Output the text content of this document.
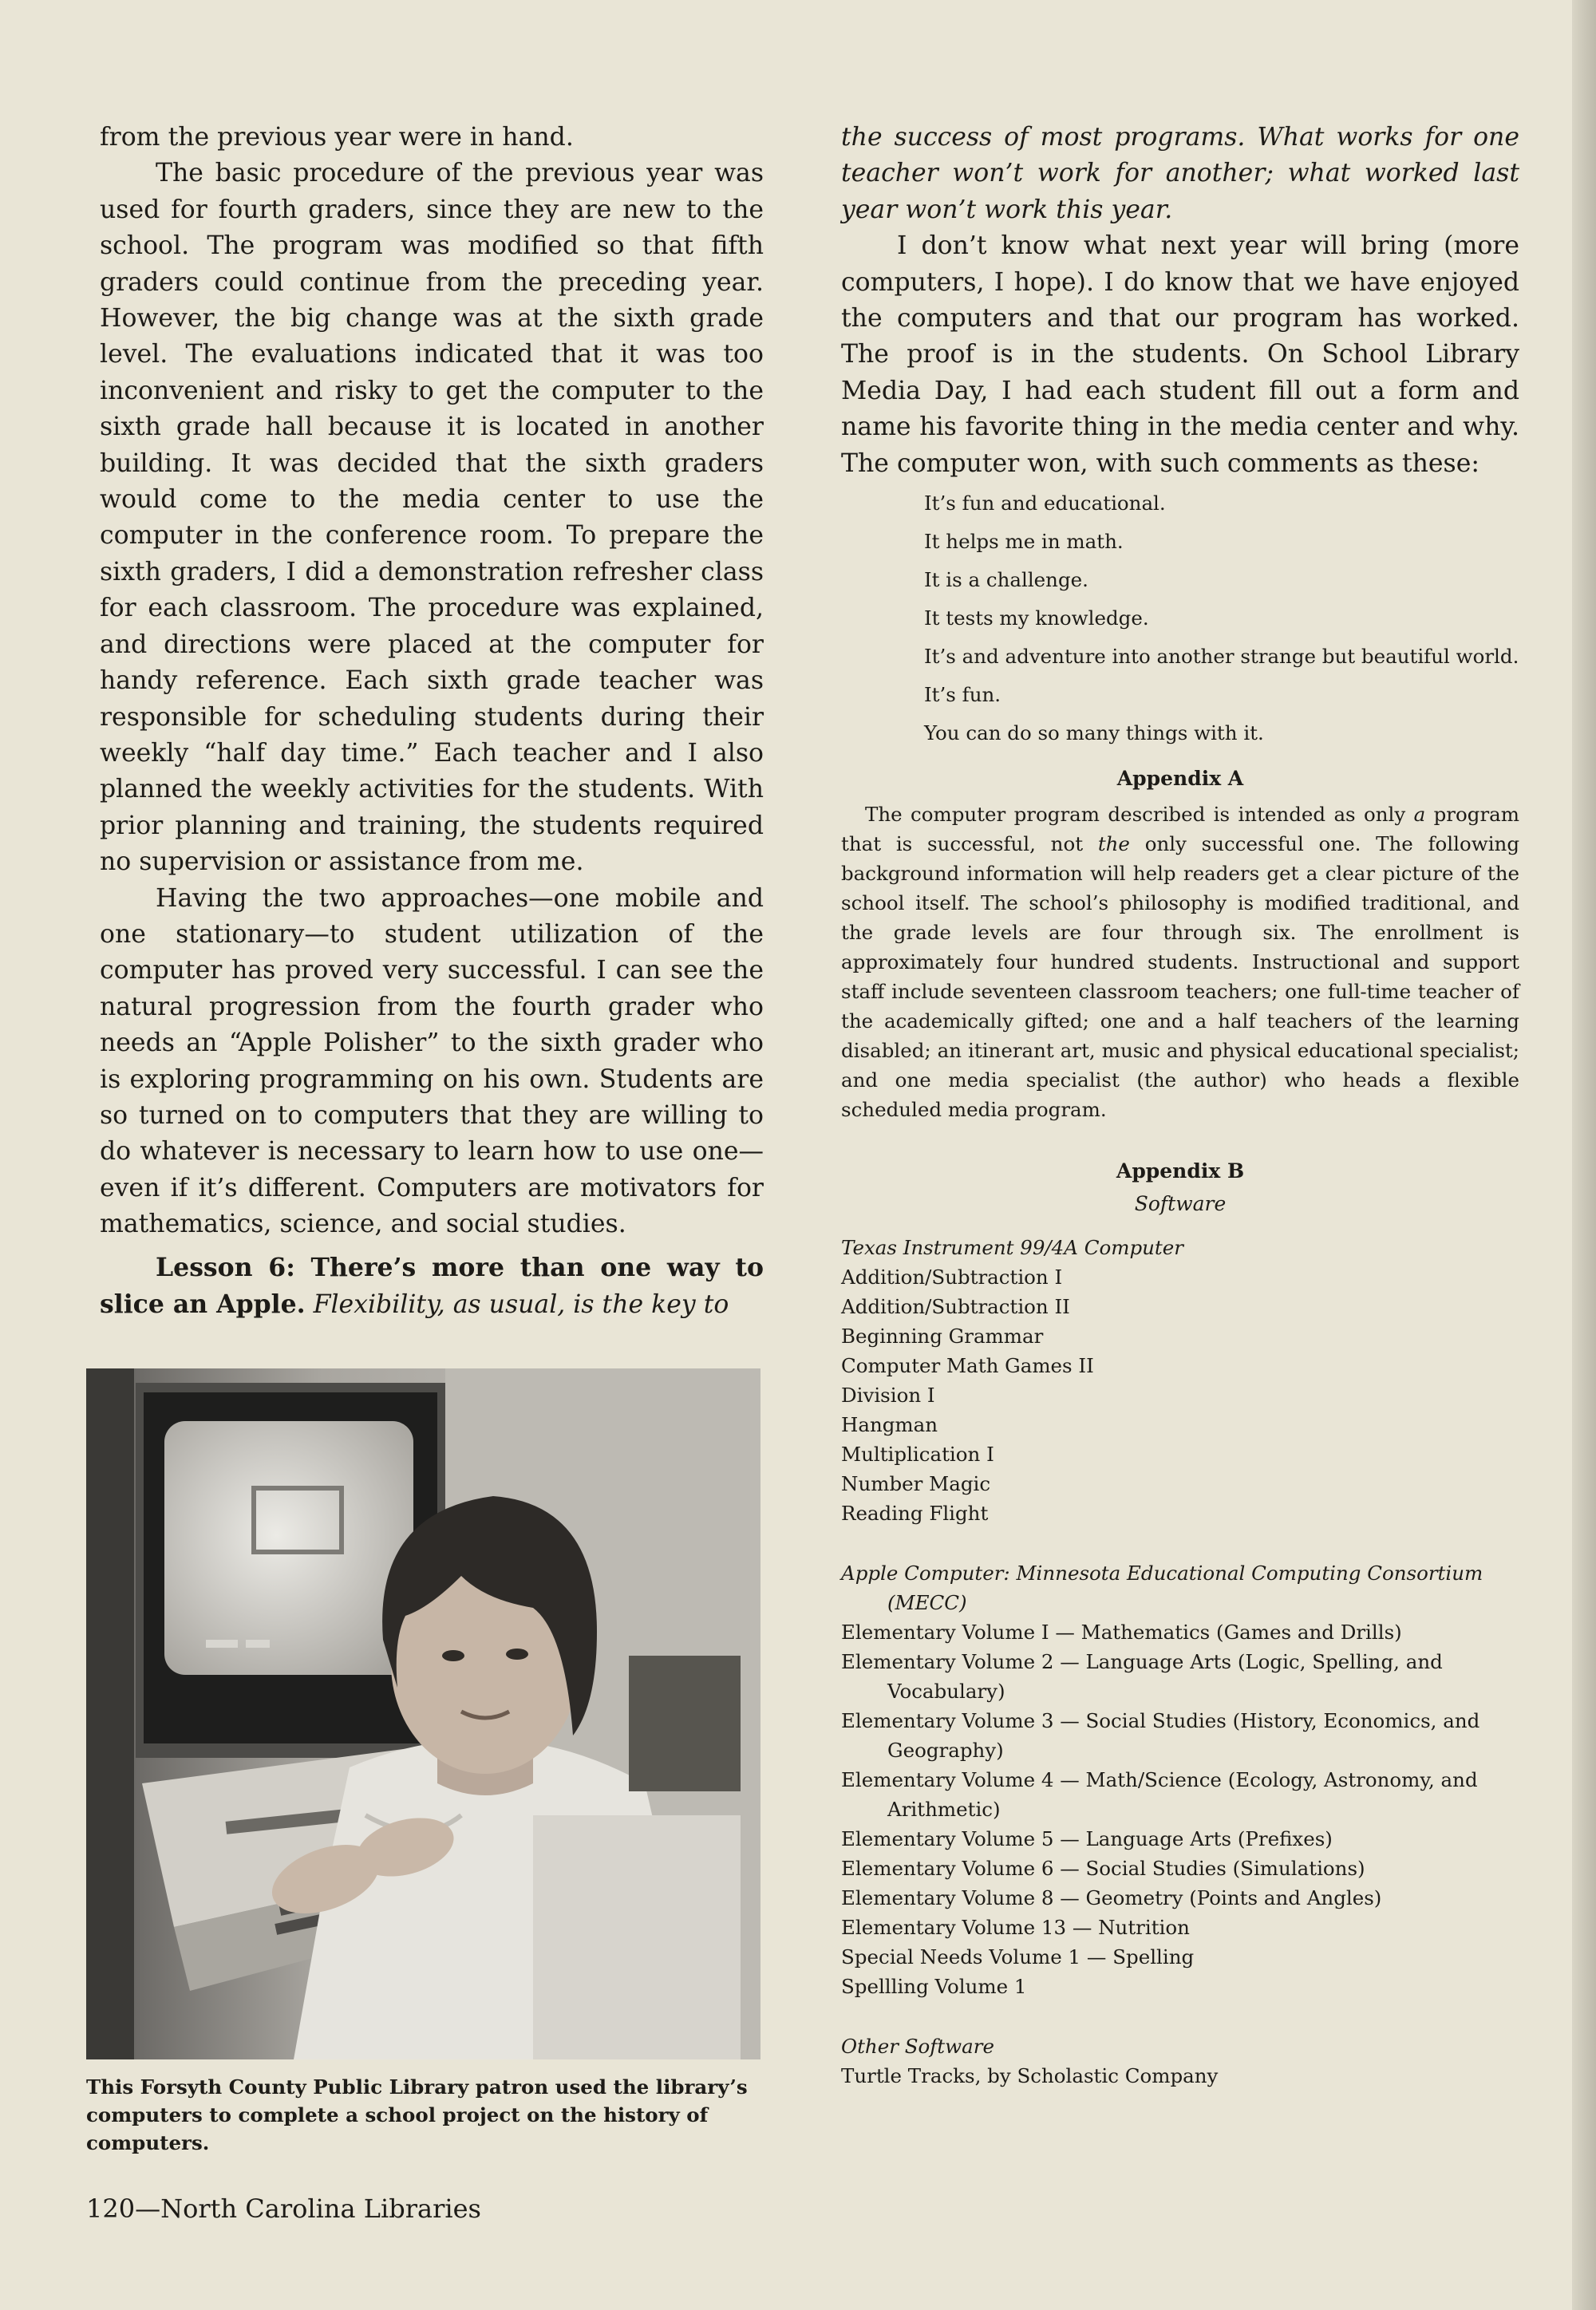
from the previous year were in hand.

The basic procedure of the previous year was used for fourth graders, since they are new to the school. The program was modified so that fifth graders could continue from the preceding year. However, the big change was at the sixth grade level. The evaluations indicated that it was too inconvenient and risky to get the computer to the sixth grade hall because it is located in another building. It was decided that the sixth graders would come to the media center to use the computer in the conference room. To prepare the sixth graders, I did a demonstration refresher class for each classroom. The procedure was explained, and directions were placed at the computer for handy reference. Each sixth grade teacher was responsible for scheduling students during their weekly “half day time.” Each teacher and I also planned the weekly activities for the students. With prior planning and training, the students required no supervision or assistance from me.

Having the two approaches—one mobile and one stationary—to student utilization of the computer has proved very successful. I can see the natural progression from the fourth grader who needs an “Apple Polisher” to the sixth grader who is exploring programming on his own. Students are so turned on to computers that they are willing to do whatever is necessary to learn how to use one—even if it’s different. Computers are motivators for mathematics, science, and social studies.

Lesson 6: There’s more than one way to slice an Apple. Flexibility, as usual, is the key to

This Forsyth County Public Library patron used the library’s computers to complete a school project on the history of computers.

the success of most programs. What works for one teacher won’t work for another; what worked last year won’t work this year.

I don’t know what next year will bring (more computers, I hope). I do know that we have enjoyed the computers and that our program has worked. The proof is in the students. On School Library Media Day, I had each student fill out a form and name his favorite thing in the media center and why. The computer won, with such comments as these:

It’s fun and educational.
It helps me in math.
It is a challenge.
It tests my knowledge.
It’s and adventure into another strange but beautiful world.
It’s fun.
You can do so many things with it.
Appendix A
The computer program described is intended as only a program that is successful, not the only successful one. The following background information will help readers get a clear picture of the school itself. The school’s philosophy is modified traditional, and the grade levels are four through six. The enrollment is approximately four hundred students. Instructional and support staff include seventeen classroom teachers; one full-time teacher of the academically gifted; one and a half teachers of the learning disabled; an itinerant art, music and physical educational specialist; and one media specialist (the author) who heads a flexible scheduled media program.
Appendix B
Software
Texas Instrument 99/4A Computer
Addition/Subtraction I
Addition/Subtraction II
Beginning Grammar
Computer Math Games II
Division I
Hangman
Multiplication I
Number Magic
Reading Flight
Apple Computer: Minnesota Educational Computing Consortium (MECC)
Elementary Volume I — Mathematics (Games and Drills)
Elementary Volume 2 — Language Arts (Logic, Spelling, and Vocabulary)
Elementary Volume 3 — Social Studies (History, Economics, and Geography)
Elementary Volume 4 — Math/Science (Ecology, Astronomy, and Arithmetic)
Elementary Volume 5 — Language Arts (Prefixes)
Elementary Volume 6 — Social Studies (Simulations)
Elementary Volume 8 — Geometry (Points and Angles)
Elementary Volume 13 — Nutrition
Special Needs Volume 1 — Spelling
Spellling Volume 1
Other Software
Turtle Tracks, by Scholastic Company
120—North Carolina Libraries
